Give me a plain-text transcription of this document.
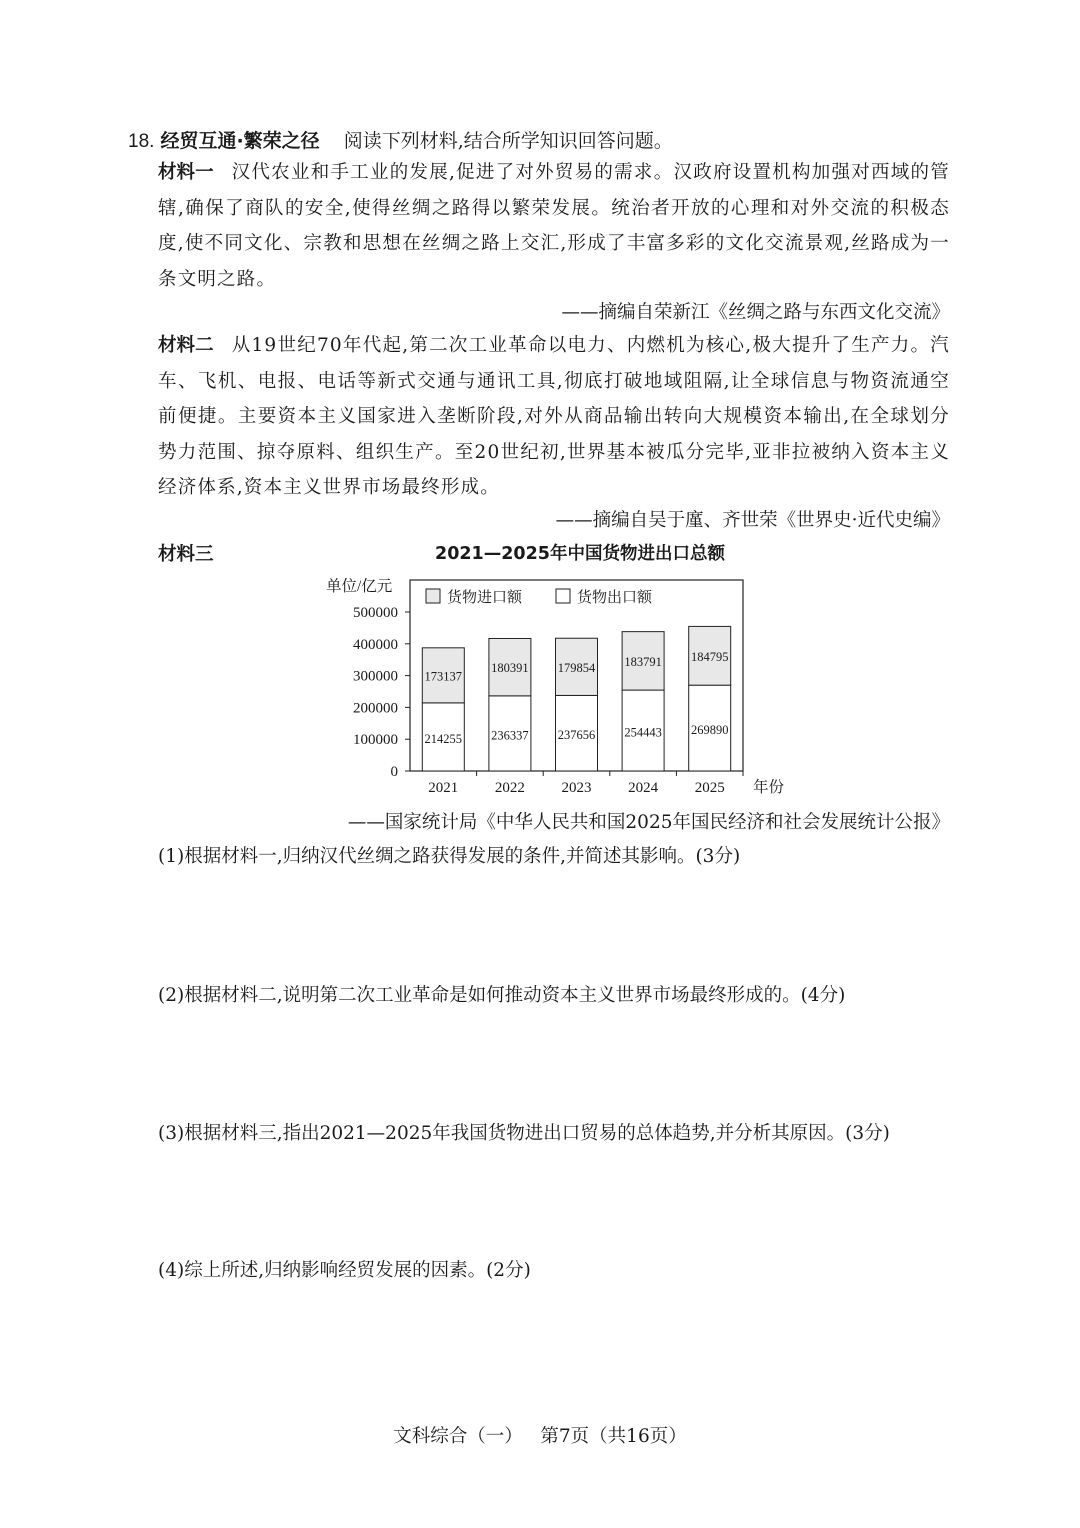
18. 经贸互通·繁荣之径 阅读下列材料,结合所学知识回答问题。
材料一 汉代农业和手工业的发展,促进了对外贸易的需求。汉政府设置机构加强对西域的管辖,确保了商队的安全,使得丝绸之路得以繁荣发展。统治者开放的心理和对外交流的积极态度,使不同文化、宗教和思想在丝绸之路上交汇,形成了丰富多彩的文化交流景观,丝路成为一条文明之路。
——摘编自荣新江《丝绸之路与东西文化交流》
材料二 从19世纪70年代起,第二次工业革命以电力、内燃机为核心,极大提升了生产力。汽车、飞机、电报、电话等新式交通与通讯工具,彻底打破地域阻隔,让全球信息与物资流通空前便捷。主要资本主义国家进入垄断阶段,对外从商品输出转向大规模资本输出,在全球划分势力范围、掠夺原料、组织生产。至20世纪初,世界基本被瓜分完毕,亚非拉被纳入资本主义经济体系,资本主义世界市场最终形成。
——摘编自吴于廑、齐世荣《世界史·近代史编》
材料三	2021—2025年中国货物进出口总额
0
100000
200000
300000
400000
500000
单位/亿元
214255
173137
2021
236337
180391
2022
237656
179854
2023
254443
183791
2024
269890
184795
2025 年份
货物进口额	货物出口额
——国家统计局《中华人民共和国2025年国民经济和社会发展统计公报》
(1)根据材料一,归纳汉代丝绸之路获得发展的条件,并简述其影响。(3分)
(2)根据材料二,说明第二次工业革命是如何推动资本主义世界市场最终形成的。(4分)
(3)根据材料三,指出2021—2025年我国货物进出口贸易的总体趋势,并分析其原因。(3分)
(4)综上所述,归纳影响经贸发展的因素。(2分)
文科综合（一）   第7页（共16页）
